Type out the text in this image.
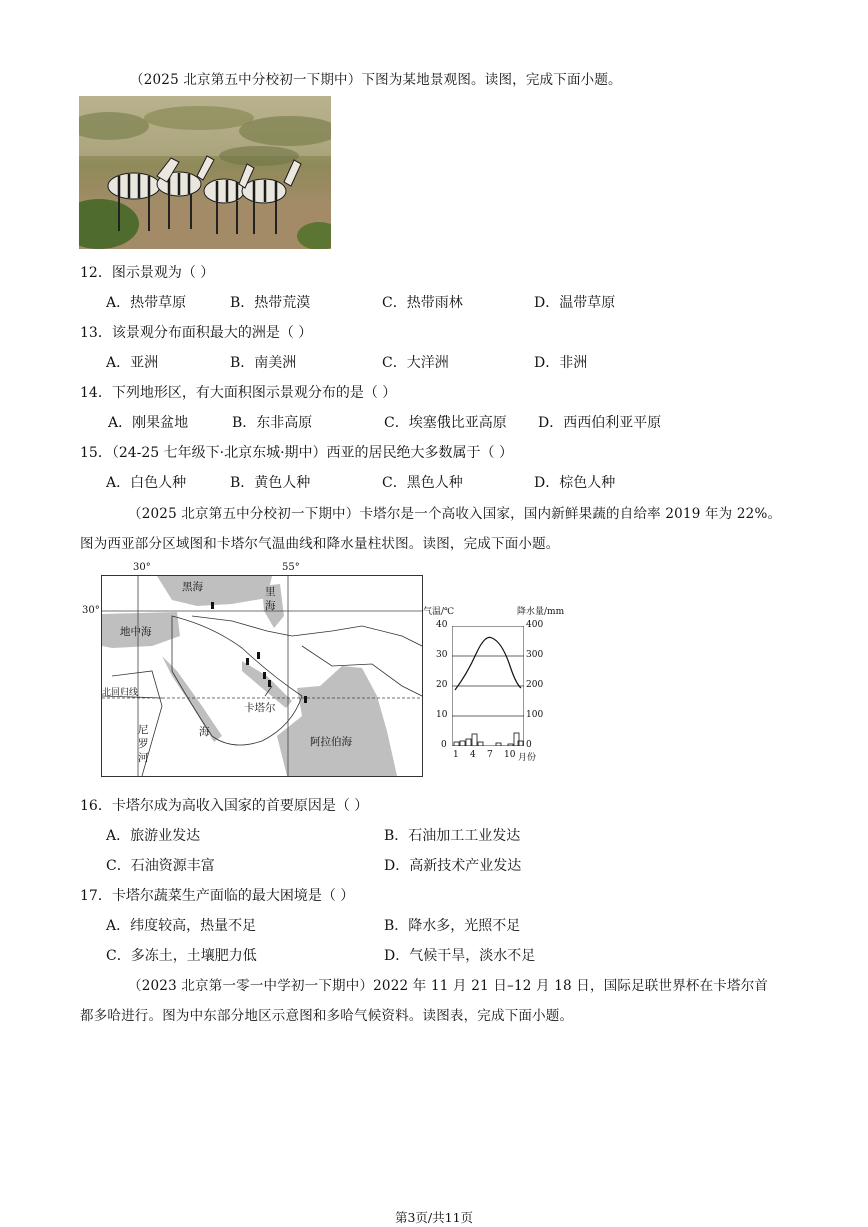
（2025 北京第五中分校初一下期中）下图为某地景观图。读图，完成下面小题。
12．图示景观为（ ）
A．热带草原	B．热带荒漠	C．热带雨林	D．温带草原
13．该景观分布面积最大的洲是（ ）
A．亚洲	B．南美洲	C．大洋洲	D．非洲
14．下列地形区，有大面积图示景观分布的是（ ）
A．刚果盆地	B．东非高原	C．埃塞俄比亚高原 D．西西伯利亚平原
15．（24-25 七年级下·北京东城·期中）西亚的居民绝大多数属于（ ）
A．白色人种	B．黄色人种	C．黑色人种	D．棕色人种
（2025 北京第五中分校初一下期中）卡塔尔是一个高收入国家，国内新鲜果蔬的自给率 2019 年为 22%。
图为西亚部分区域图和卡塔尔气温曲线和降水量柱状图。读图，完成下面小题。
30°	55°
30°
黑海	里
海
地中海
北回归线
卡塔尔
海
尼
罗
河
阿拉伯海
气温/℃	降水量/mm
40
30
20
10
0
400
300
200
100
0
1 4 7 10 月份
16．卡塔尔成为高收入国家的首要原因是（ ）
A．旅游业发达	B．石油加工工业发达
C．石油资源丰富	D．高新技术产业发达
17．卡塔尔蔬菜生产面临的最大困境是（ ）
A．纬度较高，热量不足	B．降水多，光照不足
C．多冻土，土壤肥力低	D．气候干旱，淡水不足
（2023 北京第一零一中学初一下期中）2022 年 11 月 21 日–12 月 18 日，国际足联世界杯在卡塔尔首
都多哈进行。图为中东部分地区示意图和多哈气候资料。读图表，完成下面小题。
第3页/共11页
